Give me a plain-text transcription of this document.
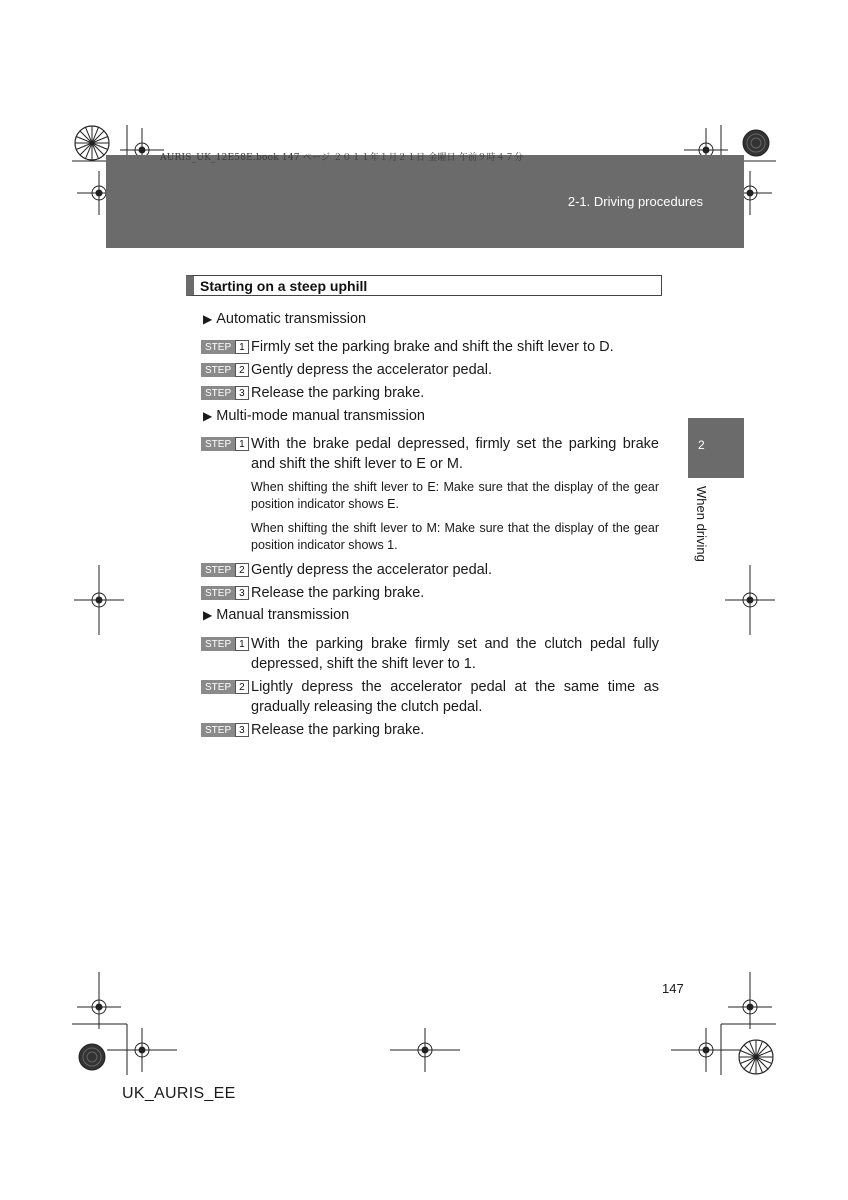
AURIS_UK_12E58E.book 147 ページ ２０１１年１月２１日 金曜日 午前９時４７分
2-1. Driving procedures
2
When driving
Starting on a steep uphill
▶ Automatic transmission
STEP 1 Firmly set the parking brake and shift the shift lever to D.

STEP 2 Gently depress the accelerator pedal.

STEP 3 Release the parking brake.

▶ Multi-mode manual transmission
STEP 1 With the brake pedal depressed, firmly set the parking brake and shift the shift lever to E or M.

When shifting the shift lever to E: Make sure that the display of the gear position indicator shows E.

When shifting the shift lever to M: Make sure that the display of the gear position indicator shows 1.

STEP 2 Gently depress the accelerator pedal.

STEP 3 Release the parking brake.

▶ Manual transmission
STEP 1 With the parking brake firmly set and the clutch pedal fully depressed, shift the shift lever to 1.

STEP 2 Lightly depress the accelerator pedal at the same time as gradually releasing the clutch pedal.

STEP 3 Release the parking brake.

147
UK_AURIS_EE
